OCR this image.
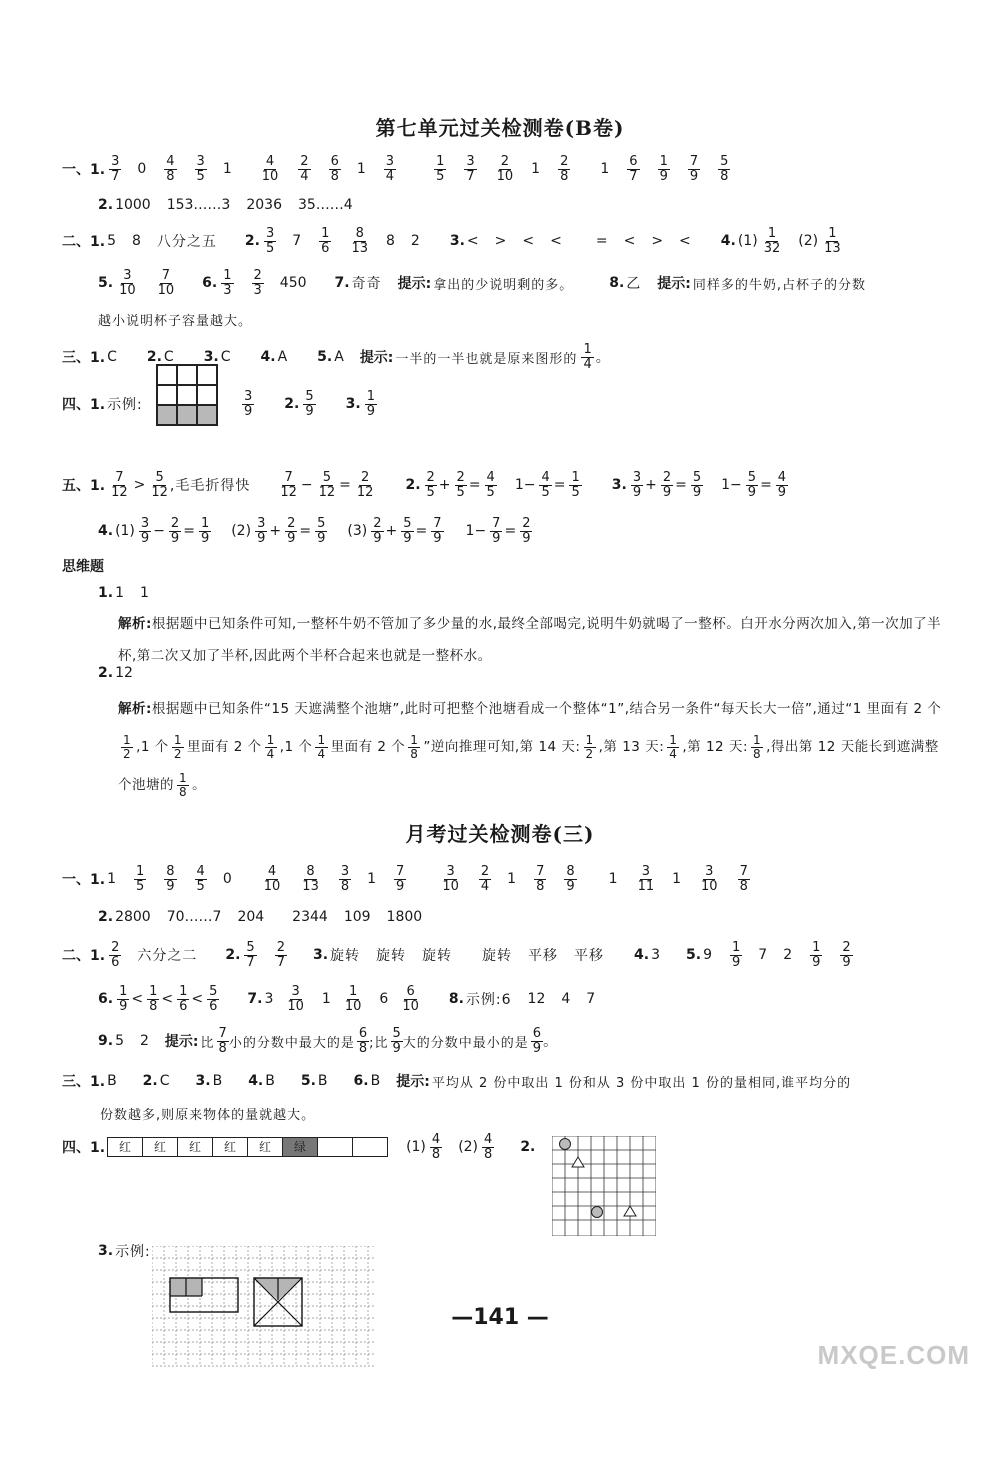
第七单元过关检测卷(B卷)
一、1.
3
7 0 4
8
3
5 1	4
10
2
4
6
8 1 3
4
1
5
3
7
2
10 1 2
8 1 6
7
1
9
7
9
5
8
2. 1000 153……3 2036 35……4
二、1. 5 8 八分之五 2. 3
5 7 1
6
8
13 8 2 3. < > < < = < > < 4. (1) 1
32 (2) 1
13
5. 3
10
7
10 6. 1
3
2
3 450 7. 奇奇 提示: 拿出的少说明剩的多。	8. 乙 提示: 同样多的牛奶,占杯子的分数
越小说明杯子容量越大。
三、1. C 2. C 3. C 4. A 5. A 提示: 一半的一半也就是原来图形的
1
4 。
四、1. 示例:
3
9 2. 5
9 3. 1
9
五、1.
7
12 > 5
12 ,毛毛折得快
7
$12 - \frac{5}{12} = \frac{2}{12} 2$. 2
$5 + \frac{2}{5} = \frac{4}{5} 1- \frac{4}{5} = \frac{1}{5} 3$. 3
$9 + \frac{2}{9} = \frac{5}{9} 1- \frac{5}{9} = \frac{4}{9}$
4. (1) 3
$9 - \frac{2}{9} = \frac{1}{9} (2)$ 3
$9 + \frac{2}{9} = \frac{5}{9} (3)$ 2
$9 + \frac{5}{9} = \frac{7}{9} 1- \frac{7}{9} = \frac{2}{9}$
思维题
1. 1 1
解析:根据题中已知条件可知,一整杯牛奶不管加了多少量的水,最终全部喝完,说明牛奶就喝了一整杯。白开水分两次加入,第一次加了半杯,第二次又加了半杯,因此两个半杯合起来也就是一整杯水。
2. 12
解析:根据题中已知条件“15 天遮满整个池塘”,此时可把整个池塘看成一个整体“1”,结合另一条件“每天长大一倍”,通过“1 里面有 2 个
$\frac{1}{2} ,1$ 个 $\frac{1}{2}$ 里面有 2 个 $\frac{1}{4} ,1$ 个 $\frac{1}{4}$ 里面有 2 个 $\frac{1}{8}$ ”逆向推理可知,第 14 天: $\frac{1}{2}$ ,第 13 天: $\frac{1}{4}$ ,第 12 天: $\frac{1}{8}$ ,得出第 12 天能长到遮满整个池塘的 $\frac{1}{8}$ 。
月考过关检测卷(三)
一、1. 1 1
5
8
9
4
5 0	4
10
8
13
3
8 1 7
9
3
10
2
4 1 7
8
8
9 1 3
11 1 3
10
7
8
2. 2800 70……7 204 2344 109 1800
二、1.
2
6 六分之二 2. 5
7
2
7 3. 旋转 旋转 旋转 旋转 平移 平移 4. 3 5. 9 1
9 7 2 1
9
2
9
6. 1
9 < 1
8 < 1
6 < 5
6 7. 3 3
10 1 1
10 6 6
10 8. 示例:6 12 4 7
9. 5 2 提示: 比
7
8 小的分数中最大的是
6
8 ;比
5
9 大的分数中最小的是
6
9 。
三、1. B 2. C 3. B 4. B 5. B 6. B 提示: 平均从 2 份中取出 1 份和从 3 份中取出 1 份的量相同,谁平均分的
份数越多,则原来物体的量就越大。
四、1.	红	红	红	红	红	绿	(1) 4
8 (2) 4
8 2.
3. 示例:
—141 —
MXQE.COM
